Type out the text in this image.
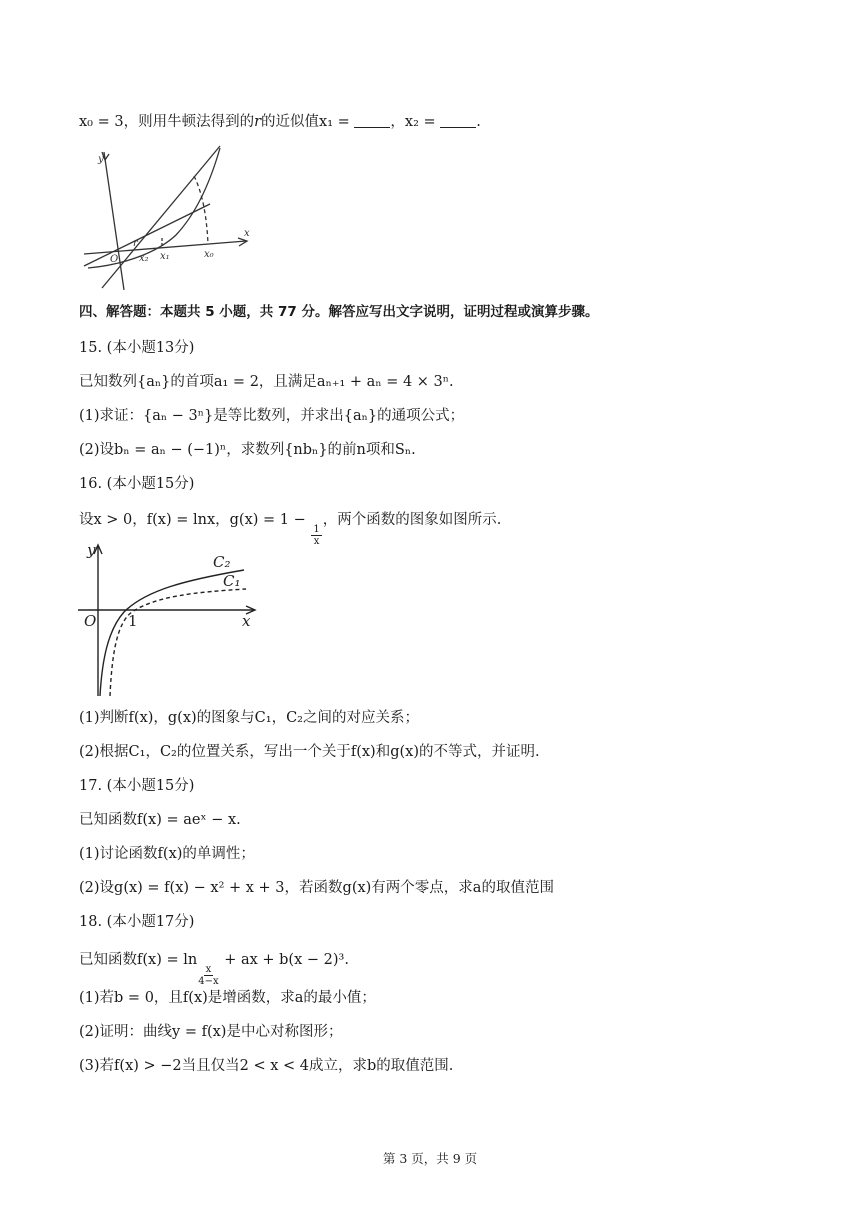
x₀ = 3，则用牛顿法得到的r的近似值x₁ = ，x₂ = .
y
x
O
r
x₂ x₁	x₀
四、解答题：本题共 5 小题，共 77 分。解答应写出文字说明，证明过程或演算步骤。
15. (本小题13分)
已知数列{aₙ}的首项a₁ = 2，且满足aₙ₊₁ + aₙ = 4 × 3ⁿ.
(1)求证：{aₙ − 3ⁿ}是等比数列，并求出{aₙ}的通项公式；
(2)设bₙ = aₙ − (−1)ⁿ，求数列{nbₙ}的前n项和Sₙ.
16. (本小题15分)
设x > 0，f(x) = lnx，g(x) = 1 −
$\frac{1}{x}$
，两个函数的图象如图所示.
y
C₂
C₁
O 1	x
(1)判断f(x)，g(x)的图象与C₁，C₂之间的对应关系；
(2)根据C₁，C₂的位置关系，写出一个关于f(x)和g(x)的不等式，并证明.
17. (本小题15分)
已知函数f(x) = aeˣ − x.
(1)讨论函数f(x)的单调性；
(2)设g(x) = f(x) − x² + x + 3，若函数g(x)有两个零点，求a的取值范围
18. (本小题17分)
已知函数f(x) = ln
$\frac{x}{4-x}$
+ ax + b(x − 2)³.
(1)若b = 0，且f(x)是增函数，求a的最小值；
(2)证明：曲线y = f(x)是中心对称图形；
(3)若f(x) > −2当且仅当2 < x < 4成立，求b的取值范围.
第 3 页，共 9 页
